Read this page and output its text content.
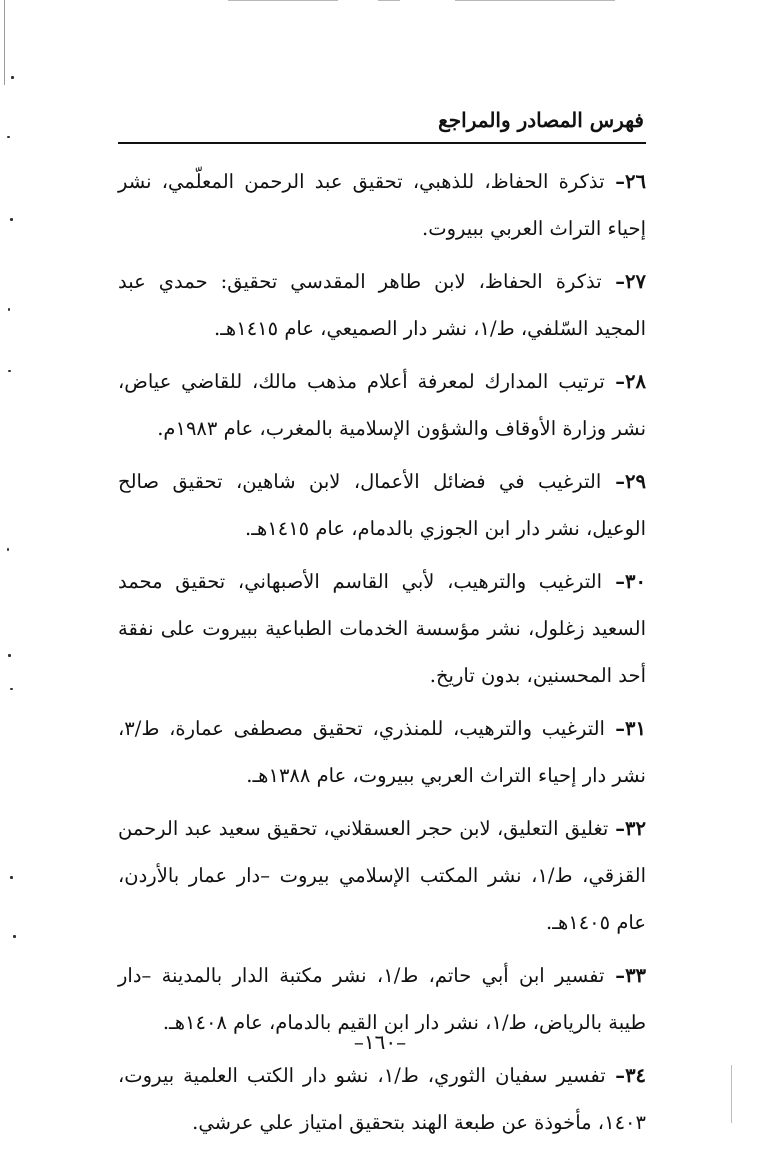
فهرس المصادر والمراجع

٢٦– تذكرة الحفاظ، للذهبي، تحقيق عبد الرحمن المعلّمي، نشر إحياء التراث العربي ببيروت.

٢٧– تذكرة الحفاظ، لابن طاهر المقدسي تحقيق: حمدي عبد المجيد السّلفي، ط/١، نشر دار الصميعي، عام ١٤١٥هـ.

٢٨– ترتيب المدارك لمعرفة أعلام مذهب مالك، للقاضي عياض، نشر وزارة الأوقاف والشؤون الإسلامية بالمغرب، عام ١٩٨٣م.

٢٩– الترغيب في فضائل الأعمال، لابن شاهين، تحقيق صالح الوعيل، نشر دار ابن الجوزي بالدمام، عام ١٤١٥هـ.

٣٠– الترغيب والترهيب، لأبي القاسم الأصبهاني، تحقيق محمد السعيد زغلول، نشر مؤسسة الخدمات الطباعية ببيروت على نفقة أحد المحسنين، بدون تاريخ.

٣١– الترغيب والترهيب، للمنذري، تحقيق مصطفى عمارة، ط/٣، نشر دار إحياء التراث العربي ببيروت، عام ١٣٨٨هـ.

٣٢– تغليق التعليق، لابن حجر العسقلاني، تحقيق سعيد عبد الرحمن القزقي، ط/١، نشر المكتب الإسلامي بيروت –دار عمار بالأردن، عام ١٤٠٥هـ.

٣٣– تفسير ابن أبي حاتم، ط/١، نشر مكتبة الدار بالمدينة –دار طيبة بالرياض، ط/١، نشر دار ابن القيم بالدمام، عام ١٤٠٨هـ.

٣٤– تفسير سفيان الثوري، ط/١، نشو دار الكتب العلمية بيروت، ١٤٠٣، مأخوذة عن طبعة الهند بتحقيق امتياز علي عرشي.

–١٦٠–
